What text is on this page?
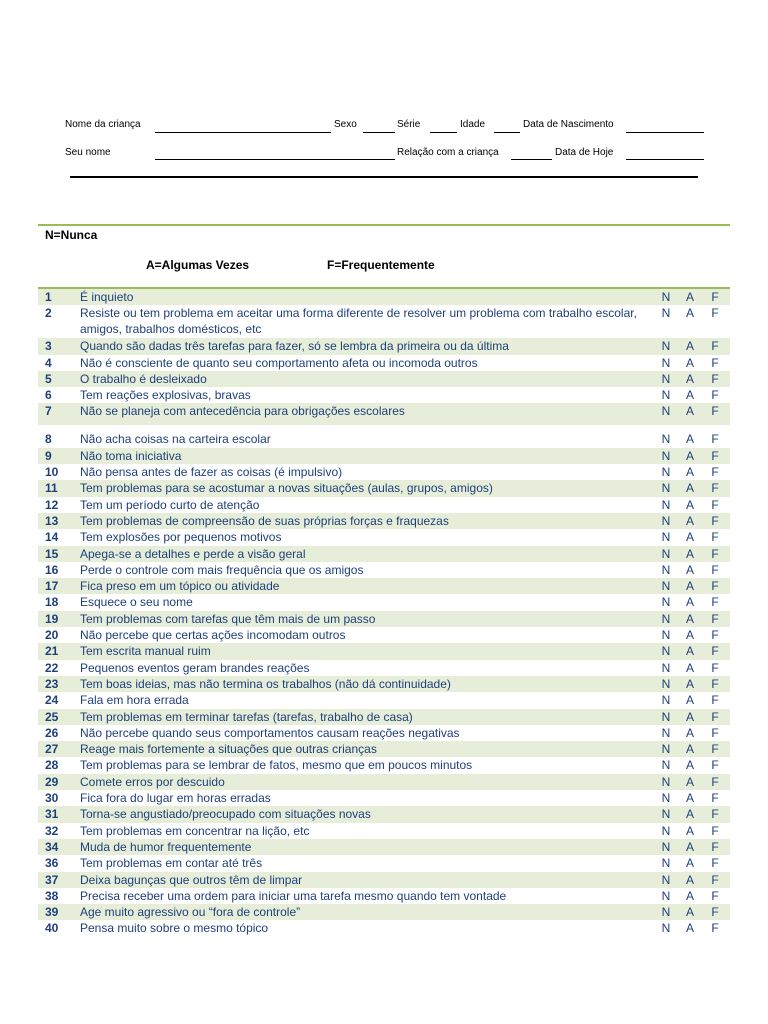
Nome da criança	Sexo	Série	Idade	Data de Nascimento
Seu nome	Relação com a criança	Data de Hoje
N=Nunca
A=Algumas Vezes	F=Frequentemente
1 É inquieto	N A F
2 Resiste ou tem problema em aceitar uma forma diferente de resolver um problema com trabalho escolar, amigos, trabalhos domésticos, etc
N A F
3 Quando são dadas três tarefas para fazer, só se lembra da primeira ou da última	N A F
4 Não é consciente de quanto seu comportamento afeta ou incomoda outros	N A F
5 O trabalho é desleixado	N A F
6 Tem reações explosivas, bravas	N A F
7 Não se planeja com antecedência para obrigações escolares	N A F
8 Não acha coisas na carteira escolar	N A F
9 Não toma iniciativa	N A F
10 Não pensa antes de fazer as coisas (é impulsivo)	N A F
11 Tem problemas para se acostumar a novas situações (aulas, grupos, amigos)	N A F
12 Tem um período curto de atenção	N A F
13 Tem problemas de compreensão de suas próprias forças e fraquezas	N A F
14 Tem explosões por pequenos motivos	N A F
15 Apega-se a detalhes e perde a visão geral	N A F
16 Perde o controle com mais frequência que os amigos	N A F
17 Fica preso em um tópico ou atividade	N A F
18 Esquece o seu nome	N A F
19 Tem problemas com tarefas que têm mais de um passo	N A F
20 Não percebe que certas ações incomodam outros	N A F
21 Tem escrita manual ruim	N A F
22 Pequenos eventos geram brandes reações	N A F
23 Tem boas ideias, mas não termina os trabalhos (não dá continuidade)	N A F
24 Fala em hora errada	N A F
25 Tem problemas em terminar tarefas (tarefas, trabalho de casa)	N A F
26 Não percebe quando seus comportamentos causam reações negativas	N A F
27 Reage mais fortemente a situações que outras crianças	N A F
28 Tem problemas para se lembrar de fatos, mesmo que em poucos minutos	N A F
29 Comete erros por descuido	N A F
30 Fica fora do lugar em horas erradas	N A F
31 Torna-se angustiado/preocupado com situações novas	N A F
32 Tem problemas em concentrar na lição, etc	N A F
34 Muda de humor frequentemente	N A F
36 Tem problemas em contar até três	N A F
37 Deixa bagunças que outros têm de limpar	N A F
38 Precisa receber uma ordem para iniciar uma tarefa mesmo quando tem vontade	N A F
39 Age muito agressivo ou “fora de controle”	N A F
40 Pensa muito sobre o mesmo tópico	N A F
